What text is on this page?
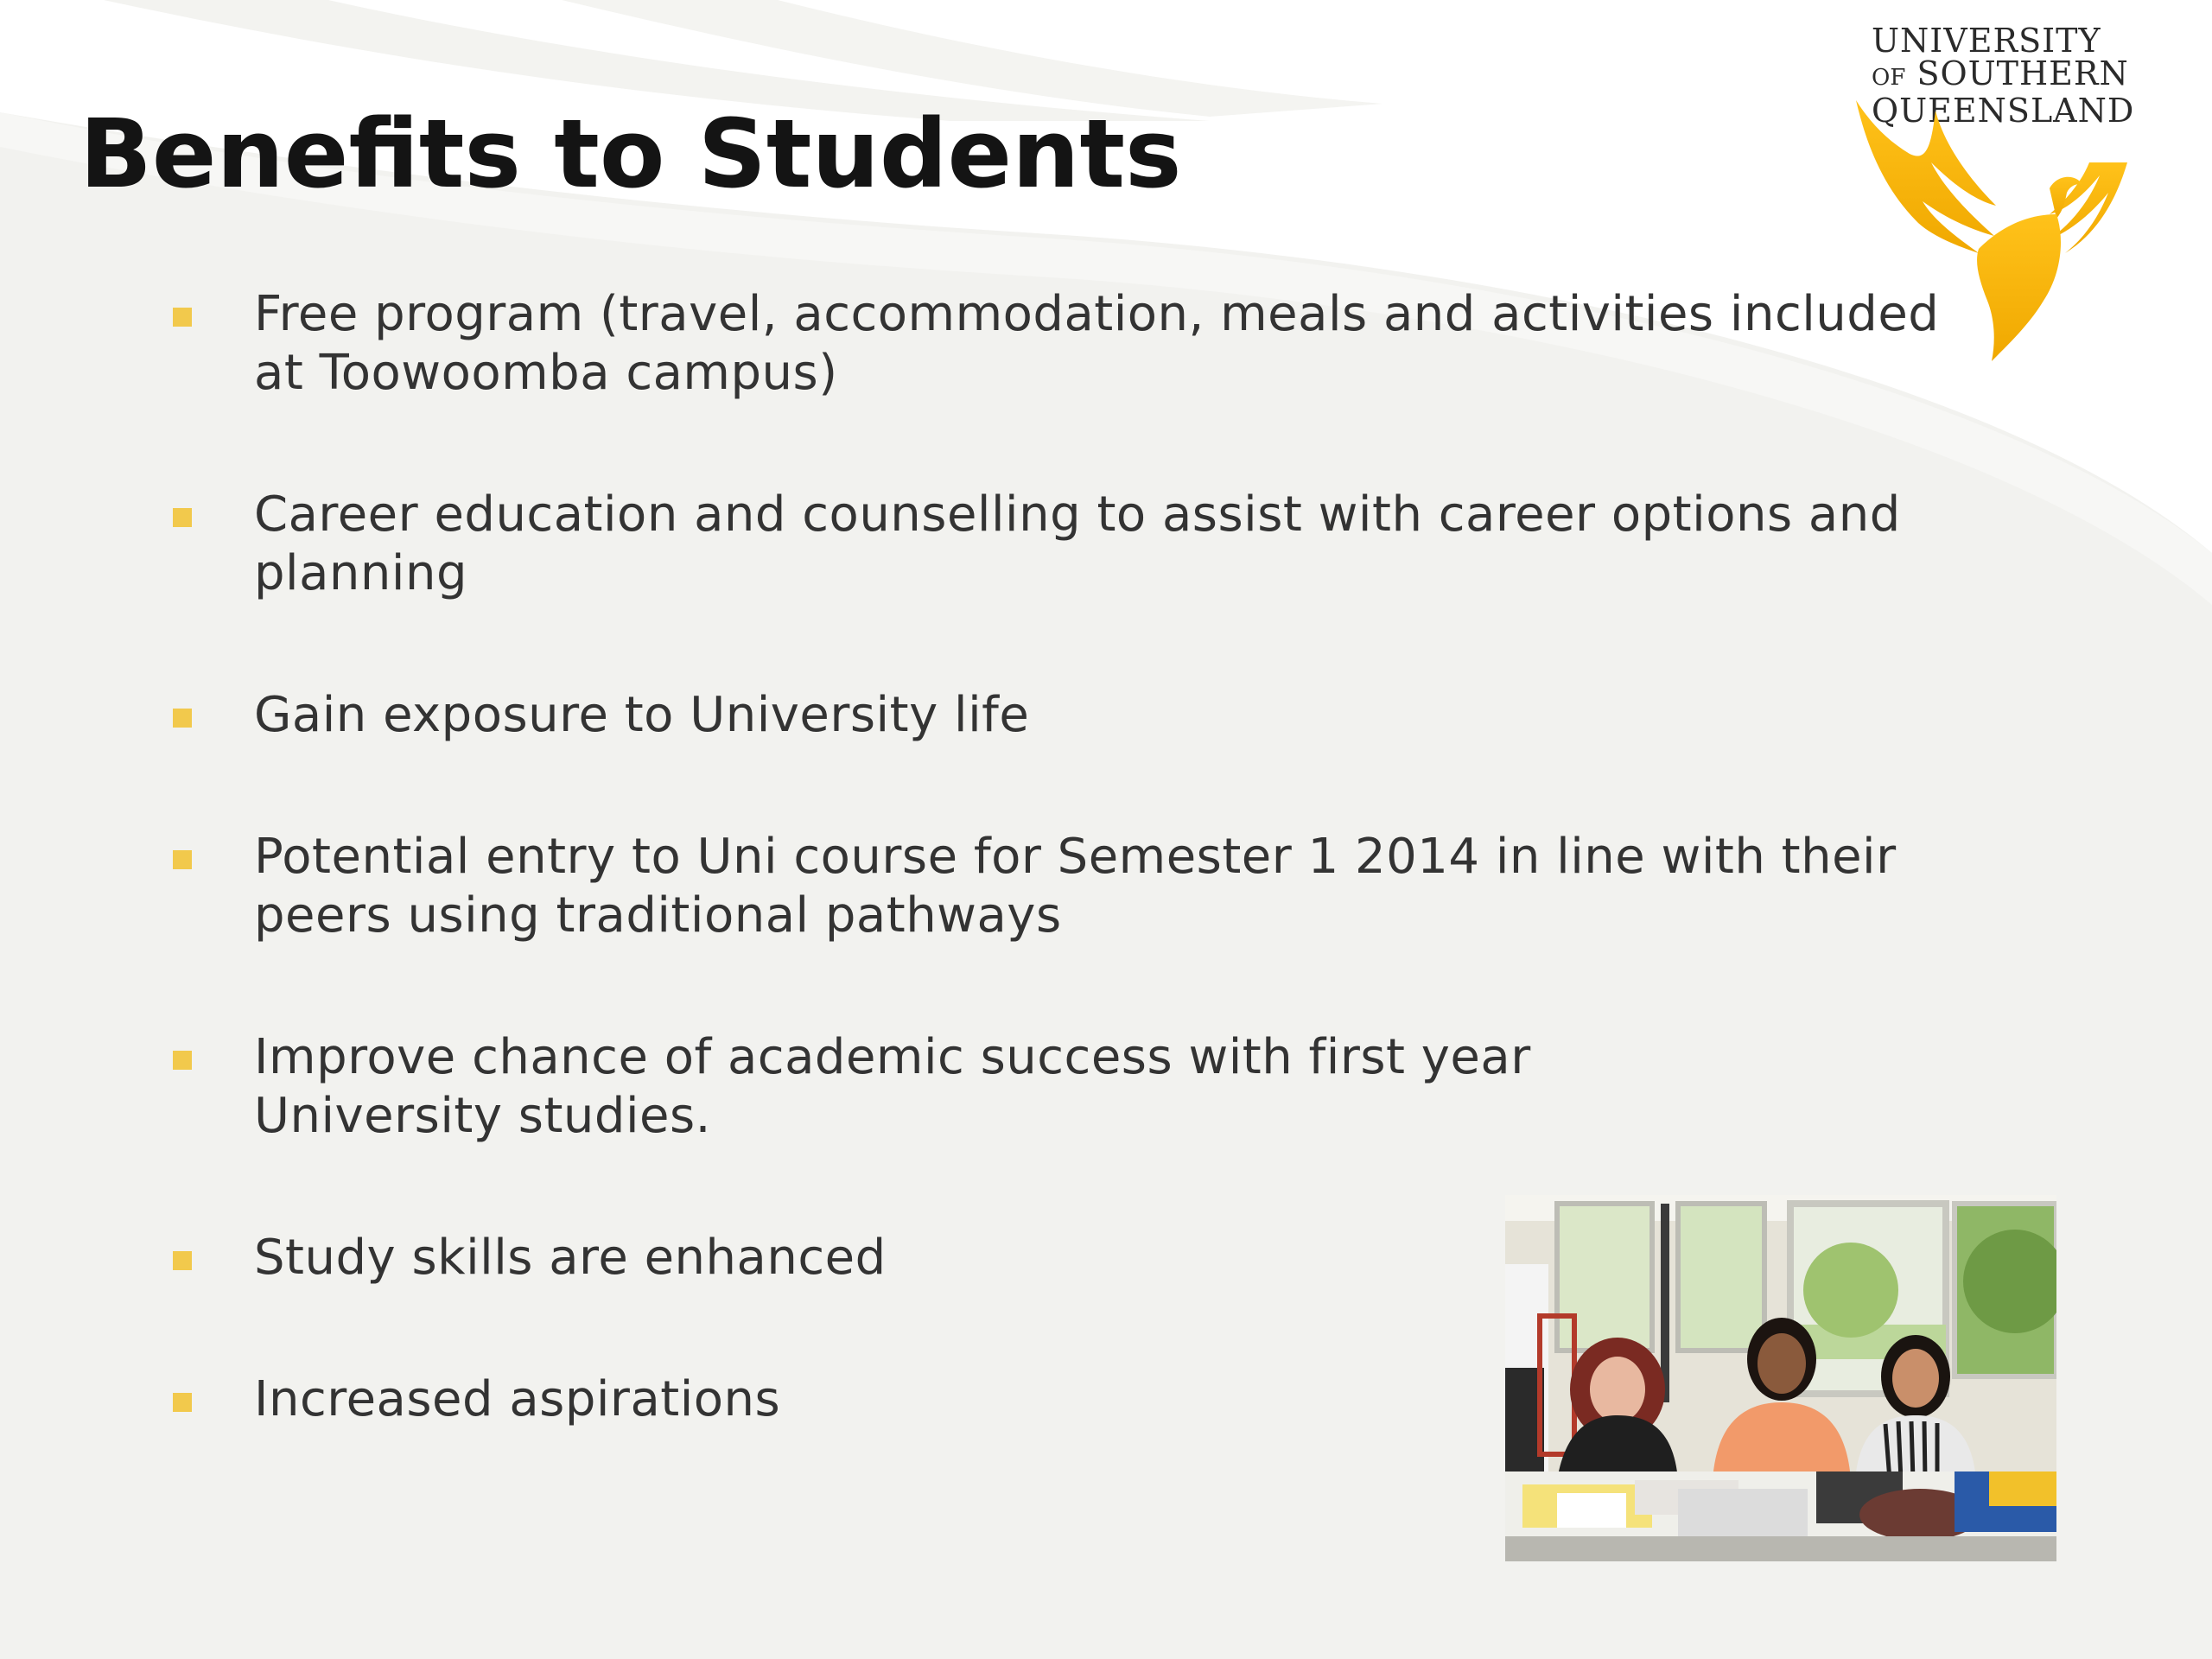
Benefits to Students
UNIVERSITY
OF SOUTHERN
QUEENSLAND
Free program (travel, accommodation, meals and activities included at Toowoomba campus)
Career education and counselling to assist with career options and planning
Gain exposure to University life
Potential entry to Uni course for Semester 1 2014 in line with their peers using traditional pathways
Improve chance of academic success with first year University studies.
Study skills are enhanced
Increased aspirations
